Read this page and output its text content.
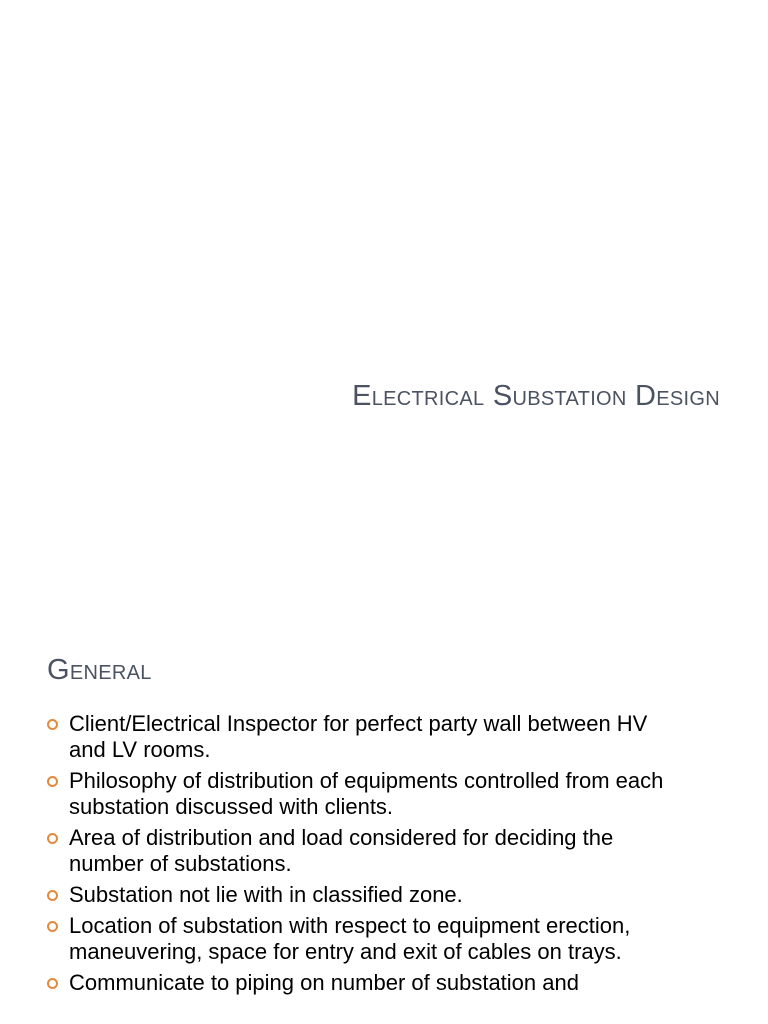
Electrical Substation Design
General
Client/Electrical Inspector for perfect party wall between HV and LV rooms.
Philosophy of distribution of equipments controlled from each substation discussed with clients.
Area of distribution and load considered for deciding the number of substations.
Substation not lie with in classified zone.
Location of substation with respect to equipment erection, maneuvering, space for entry and exit of cables on trays.
Communicate to piping on number of substation and
